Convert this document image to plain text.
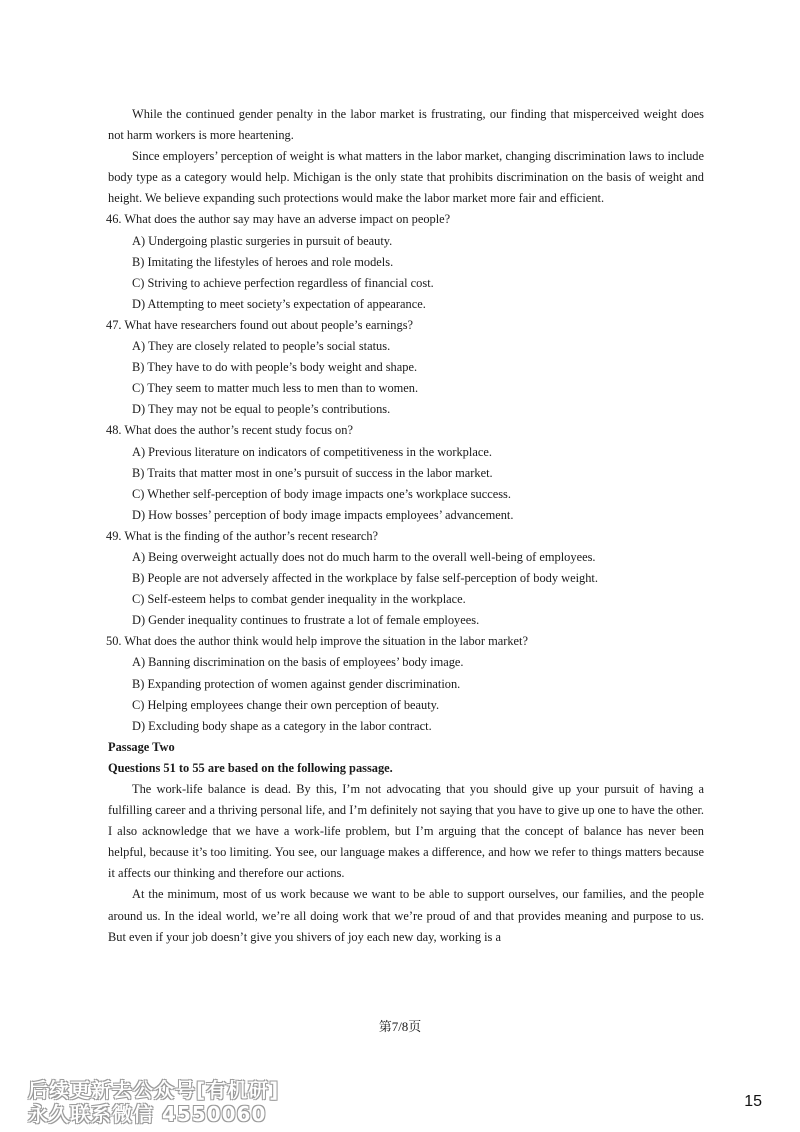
While the continued gender penalty in the labor market is frustrating, our finding that misperceived weight does not harm workers is more heartening.

Since employers’ perception of weight is what matters in the labor market, changing discrimination laws to include body type as a category would help. Michigan is the only state that prohibits discrimination on the basis of weight and height. We believe expanding such protections would make the labor market more fair and efficient.

46. What does the author say may have an adverse impact on people?

A) Undergoing plastic surgeries in pursuit of beauty.

B) Imitating the lifestyles of heroes and role models.

C) Striving to achieve perfection regardless of financial cost.

D) Attempting to meet society’s expectation of appearance.

47. What have researchers found out about people’s earnings?

A) They are closely related to people’s social status.

B) They have to do with people’s body weight and shape.

C) They seem to matter much less to men than to women.

D) They may not be equal to people’s contributions.

48. What does the author’s recent study focus on?

A) Previous literature on indicators of competitiveness in the workplace.

B) Traits that matter most in one’s pursuit of success in the labor market.

C) Whether self-perception of body image impacts one’s workplace success.

D) How bosses’ perception of body image impacts employees’ advancement.

49. What is the finding of the author’s recent research?

A) Being overweight actually does not do much harm to the overall well-being of employees.

B) People are not adversely affected in the workplace by false self-perception of body weight.

C) Self-esteem helps to combat gender inequality in the workplace.

D) Gender inequality continues to frustrate a lot of female employees.

50. What does the author think would help improve the situation in the labor market?

A) Banning discrimination on the basis of employees’ body image.

B) Expanding protection of women against gender discrimination.

C) Helping employees change their own perception of beauty.

D) Excluding body shape as a category in the labor contract.

Passage Two

Questions 51 to 55 are based on the following passage.

The work-life balance is dead. By this, I’m not advocating that you should give up your pursuit of having a fulfilling career and a thriving personal life, and I’m definitely not saying that you have to give up one to have the other. I also acknowledge that we have a work-life problem, but I’m arguing that the concept of balance has never been helpful, because it’s too limiting. You see, our language makes a difference, and how we refer to things matters because it affects our thinking and therefore our actions.

At the minimum, most of us work because we want to be able to support ourselves, our families, and the people around us. In the ideal world, we’re all doing work that we’re proud of and that provides meaning and purpose to us. But even if your job doesn’t give you shivers of joy each new day, working is a

第7/8页
15
后续更新去公众号[有机研]
永久联系微信 4550060
